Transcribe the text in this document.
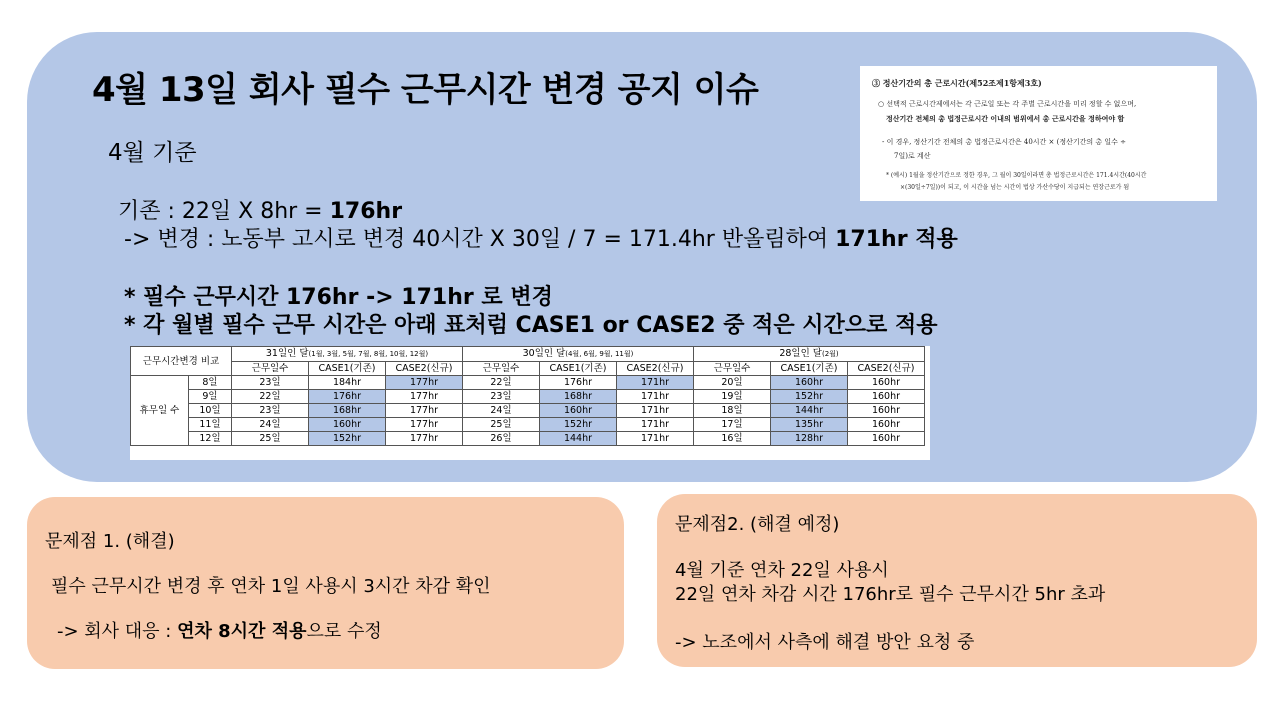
4월 13일 회사 필수 근무시간 변경 공지 이슈
4월 기준
기존 : 22일 X 8hr = 176hr
-> 변경 : 노동부 고시로 변경 40시간 X 30일 / 7 = 171.4hr 반올림하여 171hr 적용
* 필수 근무시간 176hr -> 171hr 로 변경
* 각 월별 필수 근무 시간은 아래 표처럼 CASE1 or CASE2 중 적은 시간으로 적용
③ 정산기간의 총 근로시간(제52조제1항제3호)
○ 선택적 근로시간제에서는 각 근로일 또는 각 주별 근로시간을 미리 정할 수 없으며,
정산기간 전체의 총 법정근로시간 이내의 범위에서 총 근로시간을 정하여야 함
- 이 경우, 정산기간 전체의 총 법정근로시간은 40시간 × (정산기간의 총 일수 ÷
7일)로 계산
* (예시) 1월을 정산기간으로 정한 경우, 그 월이 30일이라면 총 법정근로시간은 171.4시간(40시간
×(30일÷7일))이 되고, 이 시간을 넘는 시간이 법상 가산수당이 지급되는 연장근로가 됨
근무시간변경 비교		31일인 달(1월, 3월, 5월, 7월, 8월, 10월, 12월)			30일인 달(4월, 6월, 9월, 11월)			28일인 달(2월)		
		근무일수	CASE1(기존)	CASE2(신규)	근무일수	CASE1(기존)	CASE2(신규)	근무일수	CASE1(기존)	CASE2(신규)
휴무일 수	8일	23일	184hr	177hr	22일	176hr	171hr	20일	160hr	160hr
	9일	22일	176hr	177hr	23일	168hr	171hr	19일	152hr	160hr
	10일	23일	168hr	177hr	24일	160hr	171hr	18일	144hr	160hr
	11일	24일	160hr	177hr	25일	152hr	171hr	17일	135hr	160hr
	12일	25일	152hr	177hr	26일	144hr	171hr	16일	128hr	160hr
문제점 1. (해결)
필수 근무시간 변경 후 연차 1일 사용시 3시간 차감 확인
-> 회사 대응 : 연차 8시간 적용으로 수정
문제점2. (해결 예정)
4월 기준 연차 22일 사용시
22일 연차 차감 시간 176hr로 필수 근무시간 5hr 초과
-> 노조에서 사측에 해결 방안 요청 중
